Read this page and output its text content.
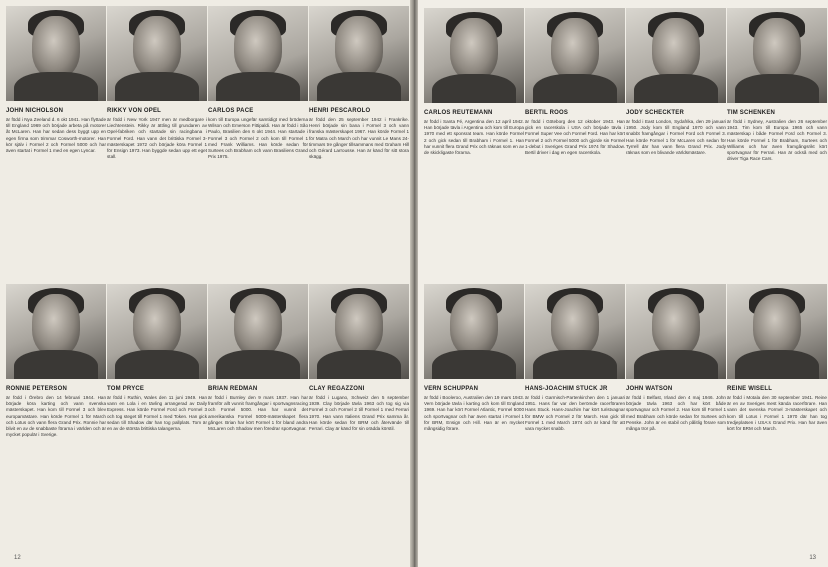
JOHN NICHOLSON
är född i Nya Zeeland d. 6 okt 1941. Han flyttade till England 1969 och började arbeta på motorer åt McLaren. Han har sedan dess byggt upp en egen firma som trimmar Cosworth-motorer. Han kör själv i Formel 2 och Formel 5000 och har även startat i Formel 1 med en egen Lyncar.
RIKKY VON OPEL
är född i New York 1947 men är medborgare i Liechtenstein. Rikky är ättling till grundaren av Opel-fabriken och startade sin racingbana i Formel Ford. Han vann det brittiska Formel 3-mästerskapet 1972 och började köra Formel 1 för Ensign 1973. Han byggde sedan upp ett eget stall.
CARLOS PACE
kom till Europa ungefär samtidigt med bröderna Wilson och Emerson Fittipaldi. Han är född i São Paulo, Brasilien den 6 okt 1944. Han startade i Formel 3 och Formel 2 och kom till Formel 1 med Frank Williams. Han körde sedan för Surtees och Brabham och vann Brasiliens Grand Prix 1975.
HENRI PESCAROLO
är född den 25 september 1942 i Frankrike. Henri började sin bana i Formel 3 och vann franska mästerskapet 1967. Han körde Formel 1 för Matra och March och har vunnit Le Mans 24-timmars tre gånger tillsammans med Graham Hill och Gérard Larrousse. Han är känd för sitt stora skägg.
RONNIE PETERSON
är född i Örebro den 14 februari 1944. Han började köra karting och vann svenska mästerskapet. Han kom till Formel 3 och blev europamästare. Han körde Formel 1 för March och Lotus och vann flera Grand Prix. Ronnie har blivit en av de snabbaste förarna i världen och är mycket populär i Sverige.
TOM PRYCE
är född i Ruthin, Wales den 11 juni 1949. Han vann en Lola i en tävling arrangerad av Daily Express. Han körde Formel Ford och Formel 3 och tog steget till Formel 1 med Token. Han gick sedan till Shadow där han tog pallplats. Tom är en av de största brittiska talangerna.
BRIAN REDMAN
är född i Burnley den 9 mars 1937. Han har framför allt vunnit framgångar i sportvagnsracing och Formel 5000. Han har vunnit det amerikanska Formel 5000-mästerskapet flera gånger. Brian har kört Formel 1 för bland andra McLaren och Shadow men föredrar sportvagnar.
CLAY REGAZZONI
är född i Lugano, Schweiz den 5 september 1939. Clay började tävla 1963 och tog sig via Formel 3 och Formel 2 till Formel 1 med Ferrari 1970. Han vann Italiens Grand Prix samma år. Han körde sedan för BRM och återvände till Ferrari. Clay är känd för sin orädda körstil.
12
CARLOS REUTEMANN
är född i Santa Fé, Argentina den 12 april 1942. Han började tävla i Argentina och kom till Europa 1970 med ett sponsrat team. Han körde Formel 2 och gick sedan till Brabham i Formel 1. Han har vunnit flera Grand Prix och räknas som en av de skickligaste förarna.
BERTIL ROOS
är född i Göteborg den 12 oktober 1943. Han gick en racerskola i USA och började tävla i Formel Super Vee och Formel Ford. Han har kört Formel 2 och Formel 5000 och gjorde sin Formel 1-debut i Sveriges Grand Prix 1974 för Shadow. Bertil driver i dag en egen racerskola.
JODY SCHECKTER
är född i East London, Sydafrika, den 29 januari 1950. Jody kom till England 1970 och vann snabbt framgångar i Formel Ford och Formel 3. Han körde Formel 1 för McLaren och sedan för Tyrrell där han vann flera Grand Prix. Jody räknas som en blivande världsmästare.
TIM SCHENKEN
är född i Sydney, Australien den 26 september 1943. Tim kom till Europa 1965 och vann mästerskap i både Formel Ford och Formel 3. Han körde Formel 1 för Brabham, Surtees och Williams och har även framgångsrikt kört sportvagnar för Ferrari. Han är också med och driver Tiga Race Cars.
VERN SCHUPPAN
är född i Booleroo, Australien den 19 mars 1943. Vern började tävla i karting och kom till England 1969. Han har kört Formel Atlantic, Formel 5000 och sportvagnar och har även startat i Formel 1 för BRM, Ensign och Hill. Han är en mycket mångsidig förare.
HANS-JOACHIM STUCK JR
är född i Garmisch-Partenkirchen den 1 januari 1951. Hans far var den berömde racerföraren Hans Stuck. Hans-Joachim har kört turistvagnar för BMW och Formel 2 för March. Han gick till Formel 1 med March 1974 och är känd för att vara mycket snabb.
JOHN WATSON
är född i Belfast, Irland den 4 maj 1946. John började tävla 1963 och har kört både sportvagnar och Formel 2. Han kom till Formel 1 med Brabham och körde sedan för Surtees och Penske. John är en stabil och pålitlig förare som många tror på.
REINE WISELL
är född i Motala den 30 september 1941. Reine är en av Sveriges mest kända racerförare. Han vann det svenska Formel 3-mästerskapet och kom till Lotus i Formel 1 1970 där han tog tredjeplatsen i USA:s Grand Prix. Han har även kört för BRM och March.
13
